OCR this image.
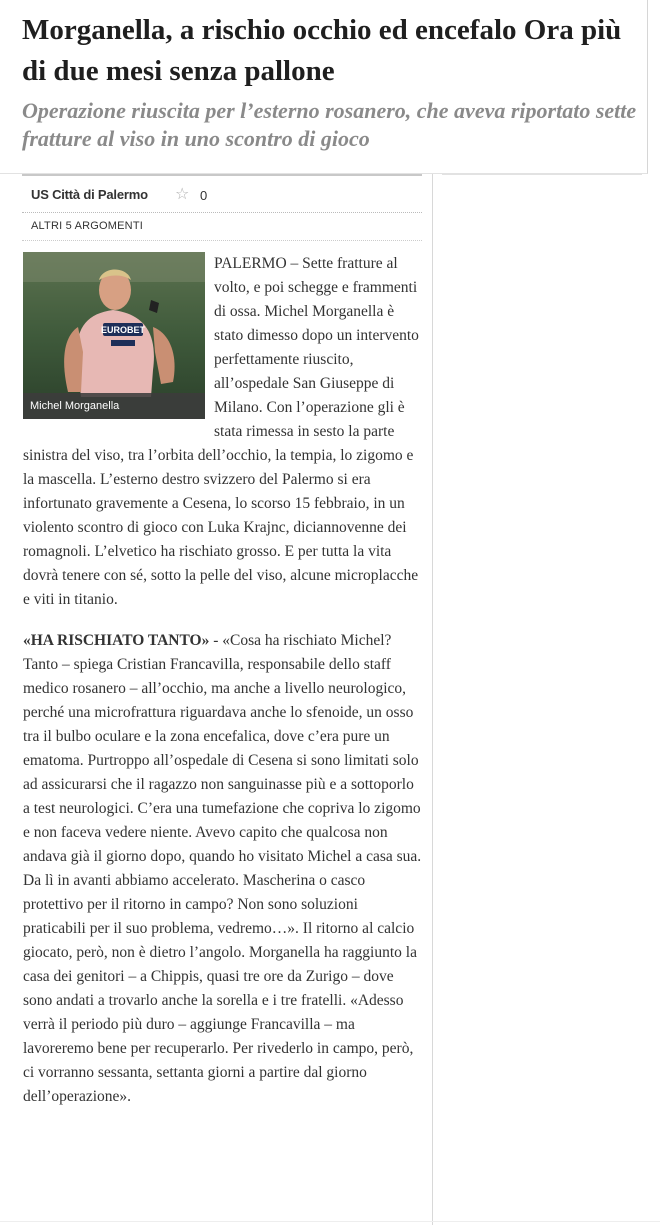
Morganella, a rischio occhio ed encefalo Ora più di due mesi senza pallone
Operazione riuscita per l’esterno rosanero, che aveva riportato sette fratture al viso in uno scontro di gioco
US Città di Palermo ☆ 0
ALTRI 5 ARGOMENTI

PALERMO – Sette fratture al volto, e poi schegge e frammenti di ossa. Michel Morganella è stato dimesso dopo un intervento perfettamente riuscito, all’ospedale San Giuseppe di Milano. Con l’operazione gli è stata rimessa in sesto la parte sinistra del viso, tra l’orbita dell’occhio, la tempia, lo zigomo e la mascella. L’esterno destro svizzero del Palermo si era infortunato gravemente a Cesena, lo scorso 15 febbraio, in un violento scontro di gioco con Luka Krajnc, diciannovenne dei romagnoli. L’elvetico ha rischiato grosso. E per tutta la vita dovrà tenere con sé, sotto la pelle del viso, alcune microplacche e viti in titanio.

«HA RISCHIATO TANTO» - «Cosa ha rischiato Michel? Tanto – spiega Cristian Francavilla, responsabile dello staff medico rosanero – all’occhio, ma anche a livello neurologico, perché una microfrattura riguardava anche lo sfenoide, un osso tra il bulbo oculare e la zona encefalica, dove c’era pure un ematoma. Purtroppo all’ospedale di Cesena si sono limitati solo ad assicurarsi che il ragazzo non sanguinasse più e a sottoporlo a test neurologici. C’era una tumefazione che copriva lo zigomo e non faceva vedere niente. Avevo capito che qualcosa non andava già il giorno dopo, quando ho visitato Michel a casa sua. Da lì in avanti abbiamo accelerato. Mascherina o casco protettivo per il ritorno in campo? Non sono soluzioni praticabili per il suo problema, vedremo…». Il ritorno al calcio giocato, però, non è dietro l’angolo. Morganella ha raggiunto la casa dei genitori – a Chippis, quasi tre ore da Zurigo – dove sono andati a trovarlo anche la sorella e i tre fratelli. «Adesso verrà il periodo più duro – aggiunge Francavilla – ma lavoreremo bene per recuperarlo. Per rivederlo in campo, però, ci vorranno sessanta, settanta giorni a partire dal giorno dell’operazione».

EUROBET
Michel Morganella
